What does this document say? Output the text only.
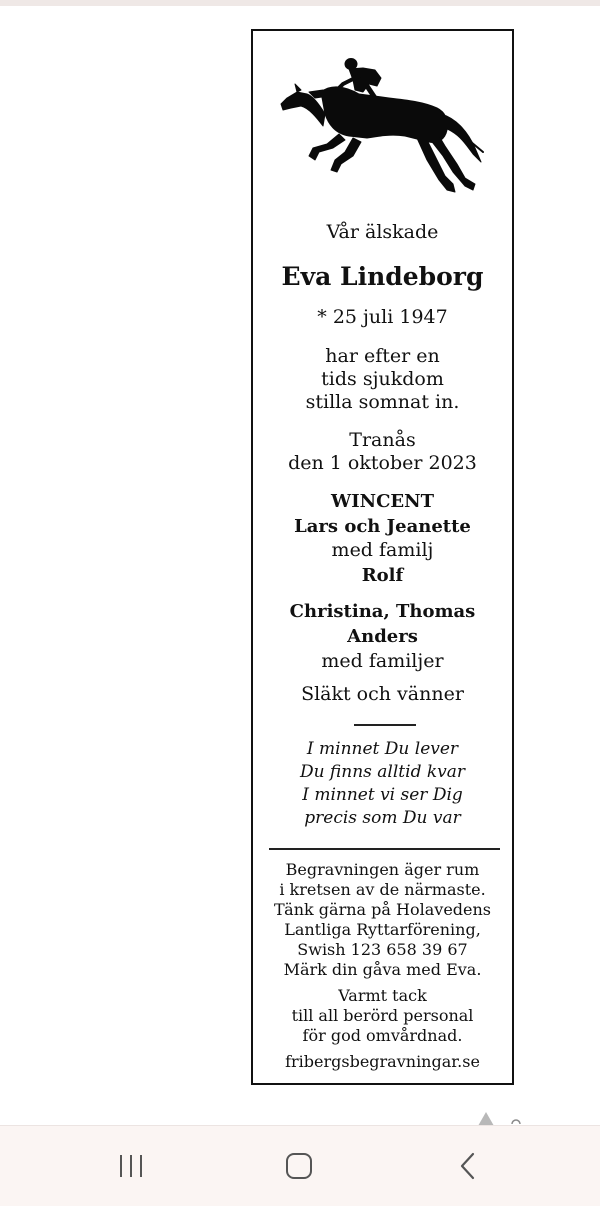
Vår älskade
Eva Lindeborg
* 25 juli 1947
har efter en
tids sjukdom
stilla somnat in.
Tranås
den 1 oktober 2023
WINCENT
Lars och Jeanette
med familj
Rolf
Christina, Thomas
Anders
med familjer
Släkt och vänner
I minnet Du lever
Du finns alltid kvar
I minnet vi ser Dig
precis som Du var
Begravningen äger rum
i kretsen av de närmaste.
Tänk gärna på Holavedens
Lantliga Ryttarförening,
Swish 123 658 39 67
Märk din gåva med Eva.
Varmt tack
till all berörd personal
för god omvårdnad.
fribergsbegravningar.se
